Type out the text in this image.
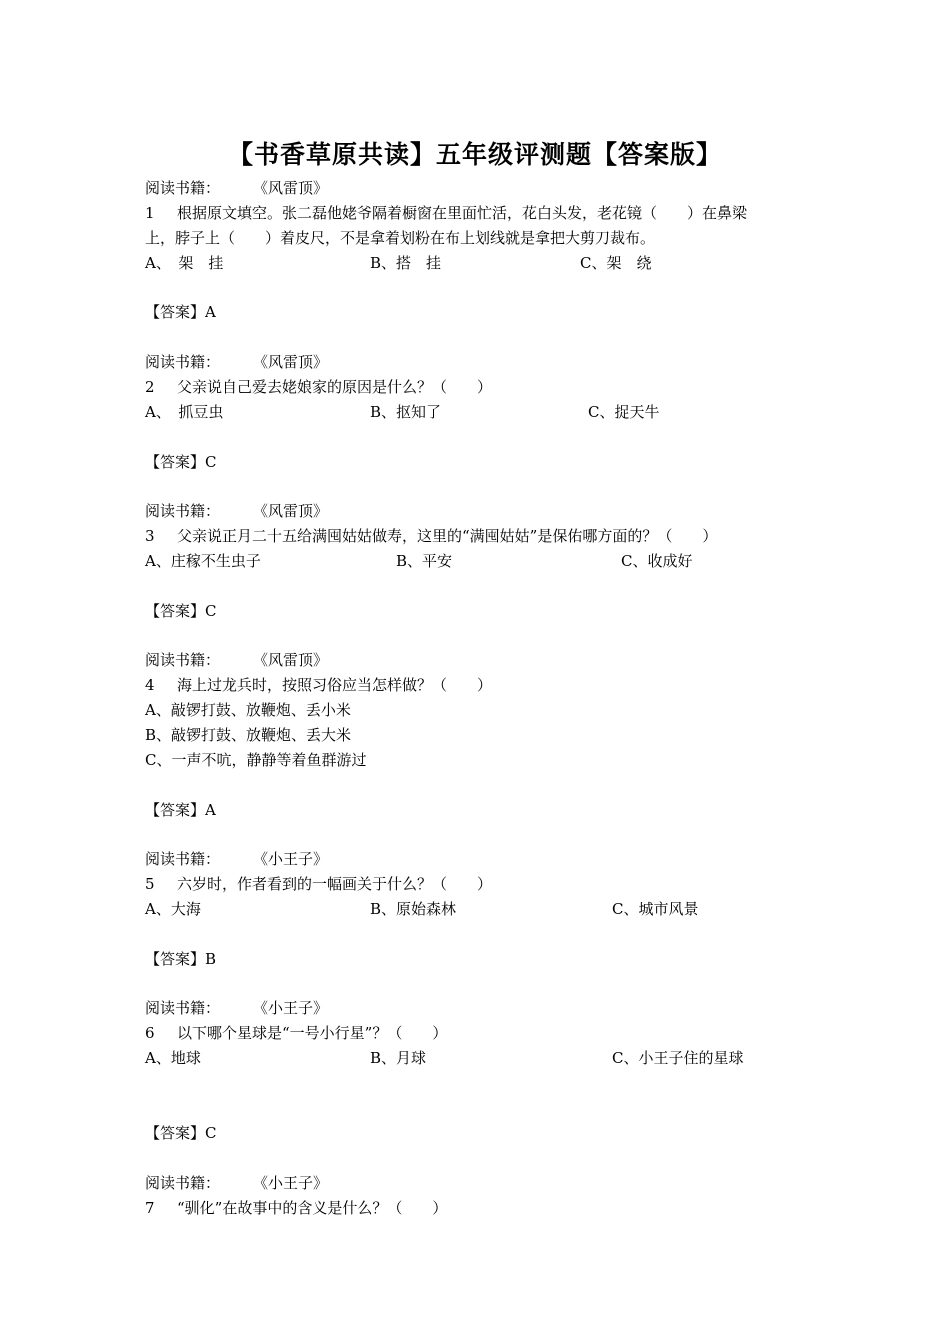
【书香草原共读】五年级评测题【答案版】
阅读书籍： 《风雷顶》
1 根据原文填空。张二磊他姥爷隔着橱窗在里面忙活，花白头发，老花镜（　　）在鼻梁
上，脖子上（　　）着皮尺，不是拿着划粉在布上划线就是拿把大剪刀裁布。
A、　架　挂	B、搭　挂	C、架　绕
【答案】A
阅读书籍： 《风雷顶》
2 父亲说自己爱去姥娘家的原因是什么？（　　）
A、　抓豆虫	B、抠知了	C、捉天牛
【答案】C
阅读书籍： 《风雷顶》
3 父亲说正月二十五给满囤姑姑做寿，这里的“满囤姑姑”是保佑哪方面的？（　　）
A、庄稼不生虫子	B、平安	C、收成好
【答案】C
阅读书籍： 《风雷顶》
4 海上过龙兵时，按照习俗应当怎样做？（　　）
A、敲锣打鼓、放鞭炮、丢小米
B、敲锣打鼓、放鞭炮、丢大米
C、一声不吭，静静等着鱼群游过
【答案】A
阅读书籍： 《小王子》
5 六岁时，作者看到的一幅画关于什么？（　　）
A、大海	B、原始森林	C、城市风景
【答案】B
阅读书籍： 《小王子》
6 以下哪个星球是“一号小行星”？（　　）
A、地球	B、月球	C、小王子住的星球
【答案】C
阅读书籍： 《小王子》
7 “驯化”在故事中的含义是什么？（　　）
